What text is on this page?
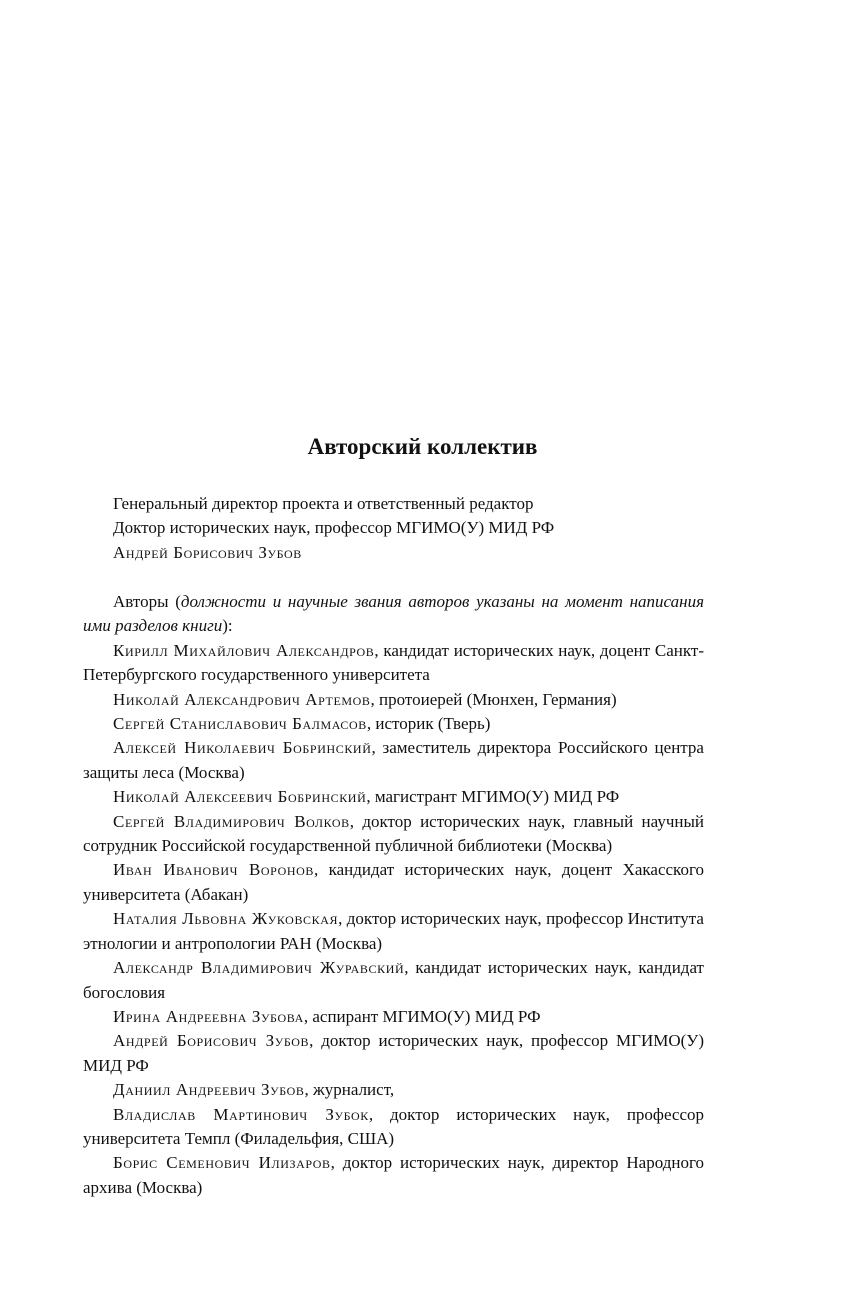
Авторский коллектив

Генеральный директор проекта и ответственный редактор

Доктор исторических наук, профессор МГИМО(У) МИД РФ

Андрей Борисович Зубов

Авторы (должности и научные звания авторов указаны на момент написания ими разделов книги):

Кирилл Михайлович Александров, кандидат исторических наук, доцент Санкт-Петербургского государственного университета

Николай Александрович Артемов, протоиерей (Мюнхен, Германия)

Сергей Станиславович Балмасов, историк (Тверь)

Алексей Николаевич Бобринский, заместитель директора Российского центра защиты леса (Москва)

Николай Алексеевич Бобринский, магистрант МГИМО(У) МИД РФ

Сергей Владимирович Волков, доктор исторических наук, главный научный сотрудник Российской государственной публичной библиотеки (Москва)

Иван Иванович Воронов, кандидат исторических наук, доцент Хакасского университета (Абакан)

Наталия Львовна Жуковская, доктор исторических наук, профессор Института этнологии и антропологии РАН (Москва)

Александр Владимирович Журавский, кандидат исторических наук, кандидат богословия

Ирина Андреевна Зубова, аспирант МГИМО(У) МИД РФ

Андрей Борисович Зубов, доктор исторических наук, профессор МГИМО(У) МИД РФ

Даниил Андреевич Зубов, журналист,

Владислав Мартинович Зубок, доктор исторических наук, профессор университета Темпл (Филадельфия, США)

Борис Семенович Илизаров, доктор исторических наук, директор Народного архива (Москва)
